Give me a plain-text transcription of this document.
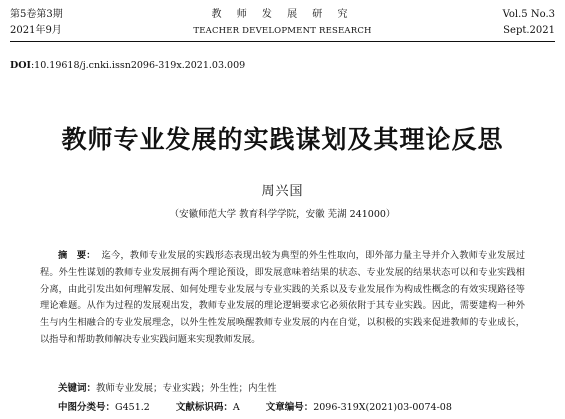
第5卷第3期	教 师 发 展 研 究	Vol.5 No.3
2021年9月	TEACHER DEVELOPMENT RESEARCH	Sept.2021
DOI:10.19618/j.cnki.issn2096-319x.2021.03.009
教师专业发展的实践谋划及其理论反思
周兴国
（安徽师范大学 教育科学学院，安徽 芜湖 241000）
摘　要： 迄今，教师专业发展的实践形态表现出较为典型的外生性取向，即外部力量主导并介入教师专业发展过程。外生性谋划的教师专业发展拥有两个理论预设，即发展意味着结果的状态、专业发展的结果状态可以和专业实践相分离，由此引发出如何理解发展、如何处理专业发展与专业实践的关系以及专业发展作为构成性概念的有效实现路径等理论难题。从作为过程的发展观出发，教师专业发展的理论逻辑要求它必须依附于其专业实践。因此，需要建构一种外生与内生相融合的专业发展理念，以外生性发展唤醒教师专业发展的内在自觉，以积极的实践来促进教师的专业成长，以指导和帮助教师解决专业实践问题来实现教师发展。
关键词：教师专业发展；专业实践；外生性；内生性
中图分类号：G451.2	文献标识码：A	文章编号：2096-319X(2021)03-0074-08
